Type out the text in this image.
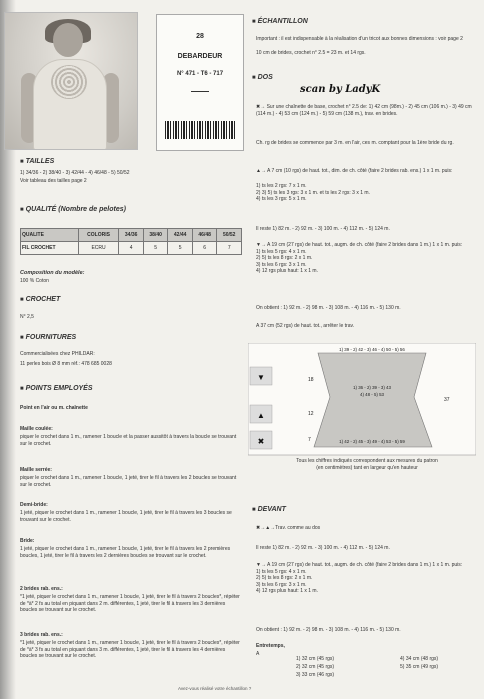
28
DEBARDEUR
N° 471 - T6 - 717
■ TAILLES
1) 34/36 - 2) 38/40 - 3) 42/44 - 4) 46/48 - 5) 50/52
Voir tableau des tailles page 2
■ QUALITÉ (Nombre de pelotes)
QUALITE	COLORIS	34/36	38/40	42/44	46/48	50/52
FIL CROCHET	ECRU	4	5	5	6	7
Composition du modèle:
100 % Coton
■ CROCHET
N° 2,5
■ FOURNITURES
Commercialisées chez PHILDAR:
11 perles bois Ø 8 mm réf.: 478 685 0028
■ POINTS EMPLOYÉS
Point en l'air ou m. chaînette
Maille coulée:
piquer le crochet dans 1 m., ramener 1 boucle et la passer aussitôt à travers la boucle se trouvant sur le crochet.
Maille serrée:
piquer le crochet dans 1 m., ramener 1 boucle, 1 jeté, tirer le fil à travers les 2 boucles se trouvant sur le crochet.
Demi-bride:
1 jeté, piquer le crochet dans 1 m., ramener 1 boucle, 1 jeté, tirer le fil à travers les 3 boucles se trouvant sur le crochet.
Bride:
1 jeté, piquer le crochet dans 1 m., ramener 1 boucle, 1 jeté, tirer le fil à travers les 2 premières boucles, 1 jeté, tirer le fil à travers les 2 dernières boucles se trouvant sur le crochet.
2 brides rab. ens.:
*1 jeté, piquer le crochet dans 1 m., ramener 1 boucle, 1 jeté, tirer le fil à travers 2 boucles*, répéter de *à* 2 fs au total en piquant dans 2 m. différentes, 1 jeté, tirer le fil à travers les 3 dernières boucles se trouvant sur le crochet.
3 brides rab. ens.:
*1 jeté, piquer le crochet dans 1 m., ramener 1 boucle, 1 jeté, tirer le fil à travers 2 boucles*, répéter de *à* 3 fs au total en piquant dans 3 m. différentes, 1 jeté, tirer le fil à travers les 4 dernières boucles se trouvant sur le crochet.
■ ÉCHANTILLON
Important : il est indispensable à la réalisation d'un tricot aux bonnes dimensions : voir page 2
10 cm de brides, crochet n° 2.5 = 23 m. et 14 rgs.
■ DOS
scan by LadyK
✖→ Sur une chaînette de base, crochet n° 2.5 de: 1) 42 cm (98m.) - 2) 45 cm (106 m.) - 3) 49 cm (114 m.) - 4) 53 cm (124 m.) - 5) 59 cm (138 m.), trav. en brides.
Ch. rg de brides se commence par 3 m. en l'air, ces m. comptant pour la 1ère bride du rg.
▲→ A 7 cm (10 rgs) de haut. tot., dim. de ch. côté (faire 2 brides rab. ens.) 1 x 1 m. puis:
1) ts les 2 rgs: 7 x 1 m.
2) 3) 5) ts les 3 rgs: 3 x 1 m. et ts les 2 rgs: 3 x 1 m.
4) ts les 3 rgs: 5 x 1 m.
Il reste 1) 82 m. - 2) 92 m. - 3) 100 m. - 4) 112 m. - 5) 124 m.
▼→ A 19 cm (27 rgs) de haut. tot., augm. de ch. côté (faire 2 brides dans 1 m.) 1 x 1 m. puis:
1) ts les 5 rgs: 4 x 1 m.
2) 5) ts les 8 rgs: 2 x 1 m.
3) ts les 6 rgs: 3 x 1 m.
4) 12 rgs plus haut: 1 x 1 m.
On obtient : 1) 92 m. - 2) 98 m. - 3) 108 m. - 4) 116 m. - 5) 130 m.
A 37 cm (52 rgs) de haut. tot., arrêter le trav.
▼
▲
✖
1) 39 - 2) 42 - 3) 46 - 4) 50 - 5) 56
1) 36 - 2) 39 - 3) 43
4) 48 - 5) 53
1) 42 - 2) 45 - 3) 49 - 4) 53 - 5) 59
18
12
7
37
Tous les chiffres indiqués correspondent aux mesures du patron (en centimètres) tant en largeur qu'en hauteur
■ DEVANT
✖→▲→Trav. comme au dos
Il reste 1) 82 m. - 2) 92 m. - 3) 100 m. - 4) 112 m. - 5) 124 m.
▼→ A 19 cm (27 rgs) de haut. tot., augm. de ch. côté (faire 2 brides dans 1 m.) 1 x 1 m. puis:
1) ts les 5 rgs: 4 x 1 m.
2) 5) ts les 8 rgs: 2 x 1 m.
3) ts les 6 rgs: 3 x 1 m.
4) 12 rgs plus haut: 1 x 1 m.
On obtient : 1) 92 m. - 2) 98 m. - 3) 108 m. - 4) 116 m. - 5) 130 m.
Entretemps,
A
1) 32 cm (45 rgs)
2) 32 cm (45 rgs)
3) 33 cm (46 rgs)
4) 34 cm (48 rgs)
5) 35 cm (49 rgs)
Avez-vous réalisé votre échantillon ?
